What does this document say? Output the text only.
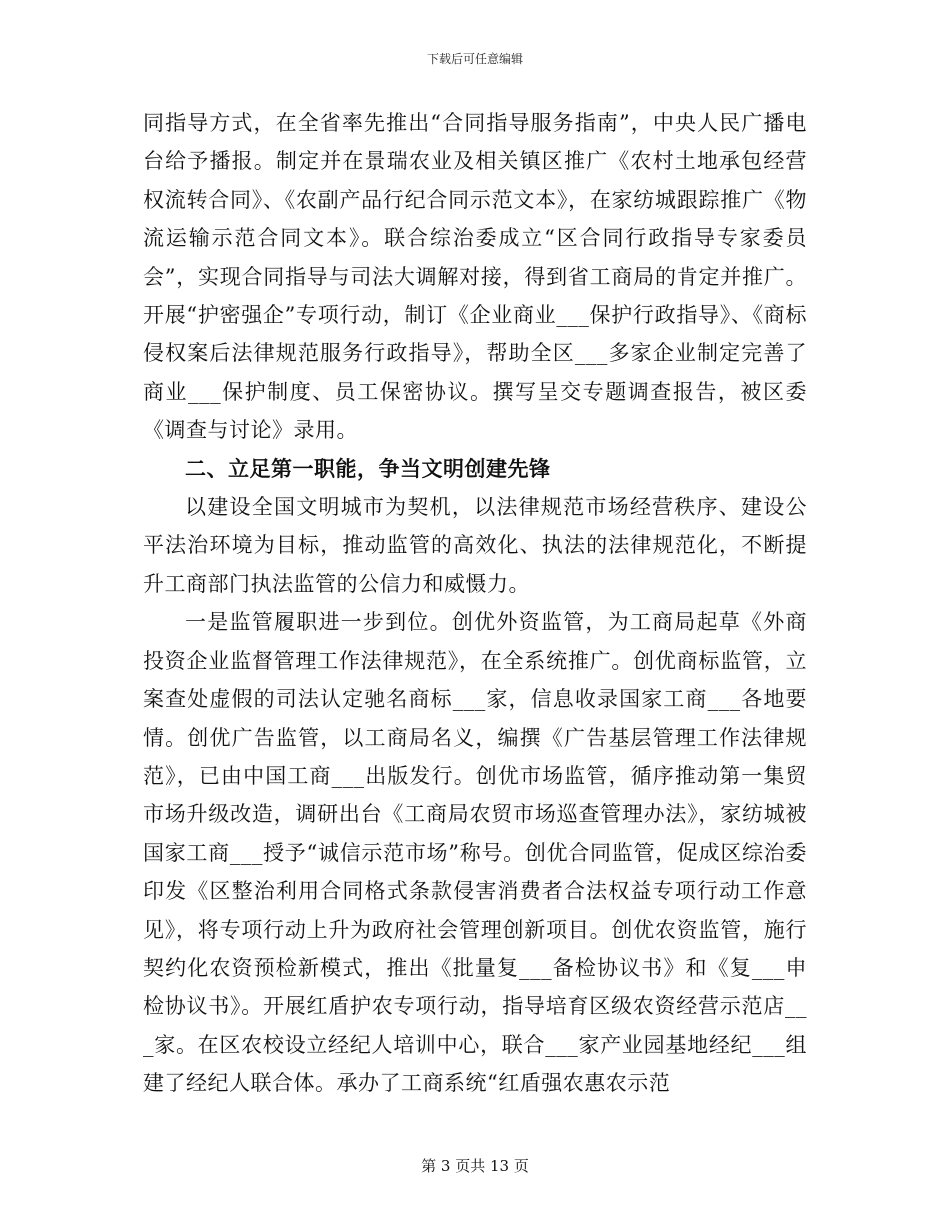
下载后可任意编辑

同指导方式，在全省率先推出“合同指导服务指南”，中央人民广播电台给予播报。制定并在景瑞农业及相关镇区推广《农村土地承包经营权流转合同》、《农副产品行纪合同示范文本》，在家纺城跟踪推广《物流运输示范合同文本》。联合综治委成立“区合同行政指导专家委员会”，实现合同指导与司法大调解对接，得到省工商局的肯定并推广。开展“护密强企”专项行动，制订《企业商业___保护行政指导》、《商标侵权案后法律规范服务行政指导》，帮助全区___多家企业制定完善了商业___保护制度、员工保密协议。撰写呈交专题调查报告，被区委《调查与讨论》录用。

二、立足第一职能，争当文明创建先锋

以建设全国文明城市为契机，以法律规范市场经营秩序、建设公平法治环境为目标，推动监管的高效化、执法的法律规范化，不断提升工商部门执法监管的公信力和威慑力。

一是监管履职进一步到位。创优外资监管，为工商局起草《外商投资企业监督管理工作法律规范》，在全系统推广。创优商标监管，立案查处虚假的司法认定驰名商标___家，信息收录国家工商___各地要情。创优广告监管，以工商局名义，编撰《广告基层管理工作法律规范》，已由中国工商___出版发行。创优市场监管，循序推动第一集贸市场升级改造，调研出台《工商局农贸市场巡查管理办法》，家纺城被国家工商___授予“诚信示范市场”称号。创优合同监管，促成区综治委印发《区整治利用合同格式条款侵害消费者合法权益专项行动工作意见》，将专项行动上升为政府社会管理创新项目。创优农资监管，施行契约化农资预检新模式，推出《批量复___备检协议书》和《复___申检协议书》。开展红盾护农专项行动，指导培育区级农资经营示范店___家。在区农校设立经纪人培训中心，联合___家产业园基地经纪___组建了经纪人联合体。承办了工商系统“红盾强农惠农示范

第 3 页共 13 页
